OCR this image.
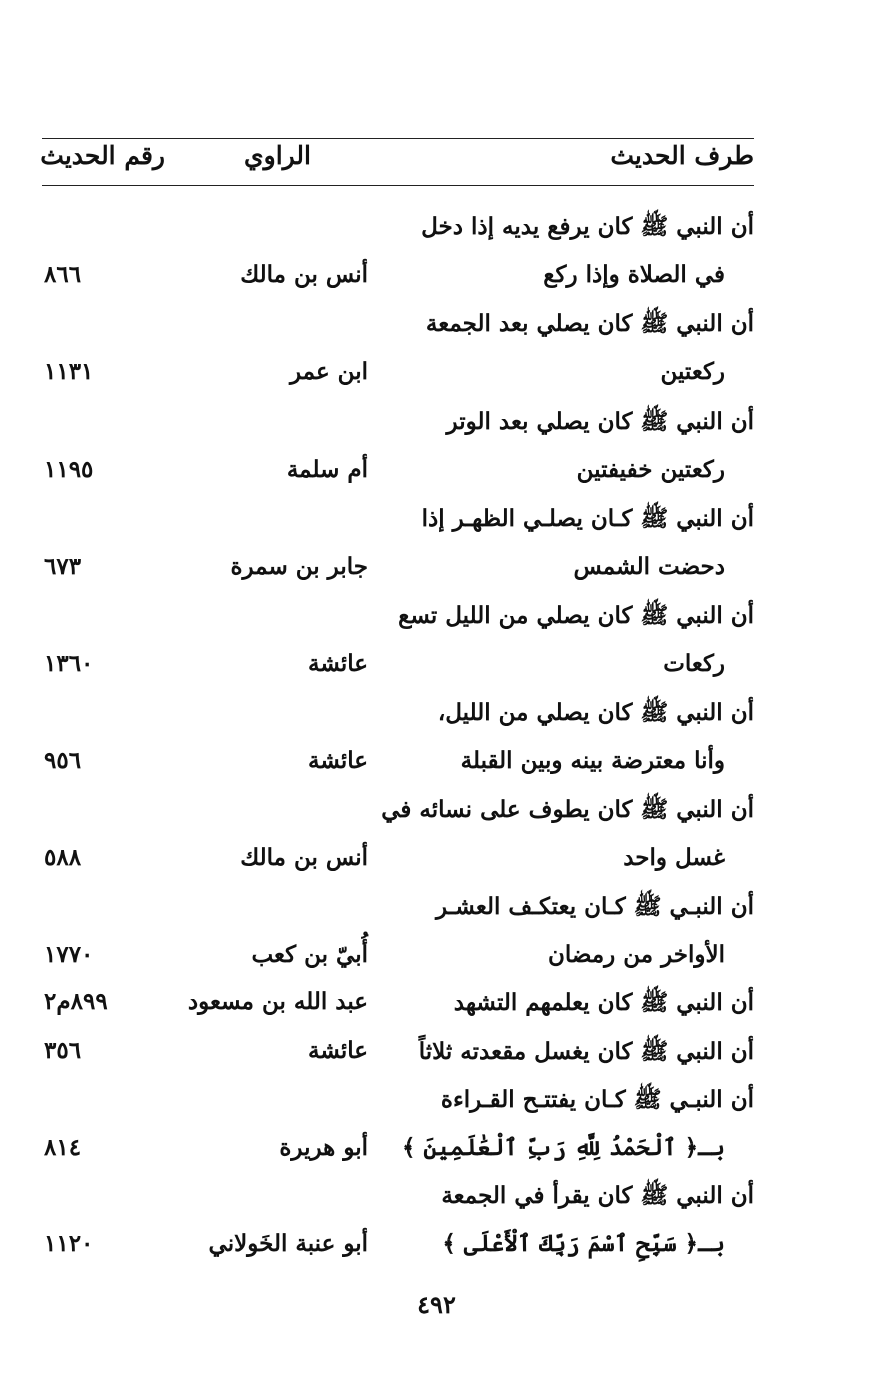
طرف الحديث
الراوي
رقم الحديث
أن النبي ﷺ كان يرفع يديه إذا دخل
في الصلاة وإذا ركع
أنس بن مالك
٨٦٦
أن النبي ﷺ كان يصلي بعد الجمعة
ركعتين
ابن عمر
١١٣١
أن النبي ﷺ كان يصلي بعد الوتر
ركعتين خفيفتين
أم سلمة
١١٩٥
أن النبي ﷺ كـان يصلـي الظهـر إذا
دحضت الشمس
جابر بن سمرة
٦٧٣
أن النبي ﷺ كان يصلي من الليل تسع
ركعات
عائشة
١٣٦٠
أن النبي ﷺ كان يصلي من الليل،
وأنا معترضة بينه وبين القبلة
عائشة
٩٥٦
أن النبي ﷺ كان يطوف على نسائه في
غسل واحد
أنس بن مالك
٥٨٨
أن النبـي ﷺ كـان يعتكـف العشـر
الأواخر من رمضان
أُبيّ بن كعب
١٧٧٠
أن النبي ﷺ كان يعلمهم التشهد
عبد الله بن مسعود
٨٩٩م٢
أن النبي ﷺ كان يغسل مقعدته ثلاثاً
عائشة
٣٥٦
أن النبـي ﷺ كـان يفتتـح القـراءة
بـ﴿ ٱلْحَمْدُ لِلَّهِ رَبِّ ٱلْعَٰلَمِينَ ﴾
أبو هريرة
٨١٤
أن النبي ﷺ كان يقرأ في الجمعة
بـ﴿ سَبِّحِ ٱسْمَ رَبِّكَ ٱلْأَعْلَى ﴾
أبو عنبة الخَولاني
١١٢٠
٤٩٢
